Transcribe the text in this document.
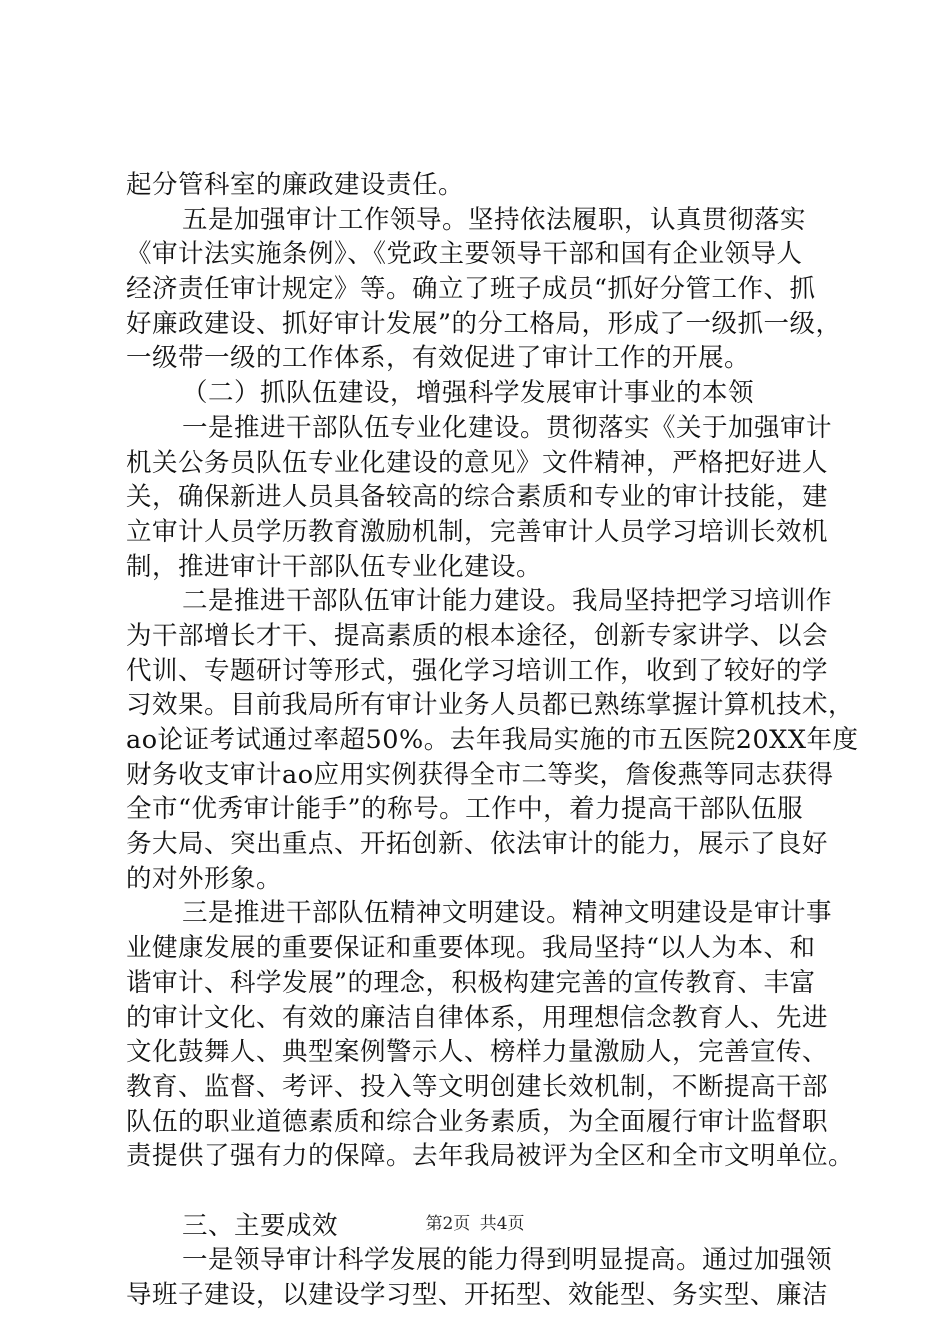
起分管科室的廉政建设责任。
五是加强审计工作领导。坚持依法履职，认真贯彻落实
《审计法实施条例》、《党政主要领导干部和国有企业领导人
经济责任审计规定》等。确立了班子成员“抓好分管工作、抓
好廉政建设、抓好审计发展”的分工格局，形成了一级抓一级，
一级带一级的工作体系，有效促进了审计工作的开展。
（二）抓队伍建设，增强科学发展审计事业的本领
一是推进干部队伍专业化建设。贯彻落实《关于加强审计
机关公务员队伍专业化建设的意见》文件精神，严格把好进人
关，确保新进人员具备较高的综合素质和专业的审计技能，建
立审计人员学历教育激励机制，完善审计人员学习培训长效机
制，推进审计干部队伍专业化建设。
二是推进干部队伍审计能力建设。我局坚持把学习培训作
为干部增长才干、提高素质的根本途径，创新专家讲学、以会
代训、专题研讨等形式，强化学习培训工作，收到了较好的学
习效果。目前我局所有审计业务人员都已熟练掌握计算机技术，
ao论证考试通过率超50%。去年我局实施的市五医院20XX年度
财务收支审计ao应用实例获得全市二等奖，詹俊燕等同志获得
全市“优秀审计能手”的称号。工作中，着力提高干部队伍服
务大局、突出重点、开拓创新、依法审计的能力，展示了良好
的对外形象。
三是推进干部队伍精神文明建设。精神文明建设是审计事
业健康发展的重要保证和重要体现。我局坚持“以人为本、和
谐审计、科学发展”的理念，积极构建完善的宣传教育、丰富
的审计文化、有效的廉洁自律体系，用理想信念教育人、先进
文化鼓舞人、典型案例警示人、榜样力量激励人，完善宣传、
教育、监督、考评、投入等文明创建长效机制，不断提高干部
队伍的职业道德素质和综合业务素质，为全面履行审计监督职
责提供了强有力的保障。去年我局被评为全区和全市文明单位。
三、主要成效
一是领导审计科学发展的能力得到明显提高。通过加强领
导班子建设，以建设学习型、开拓型、效能型、务实型、廉洁
第2页 共4页
